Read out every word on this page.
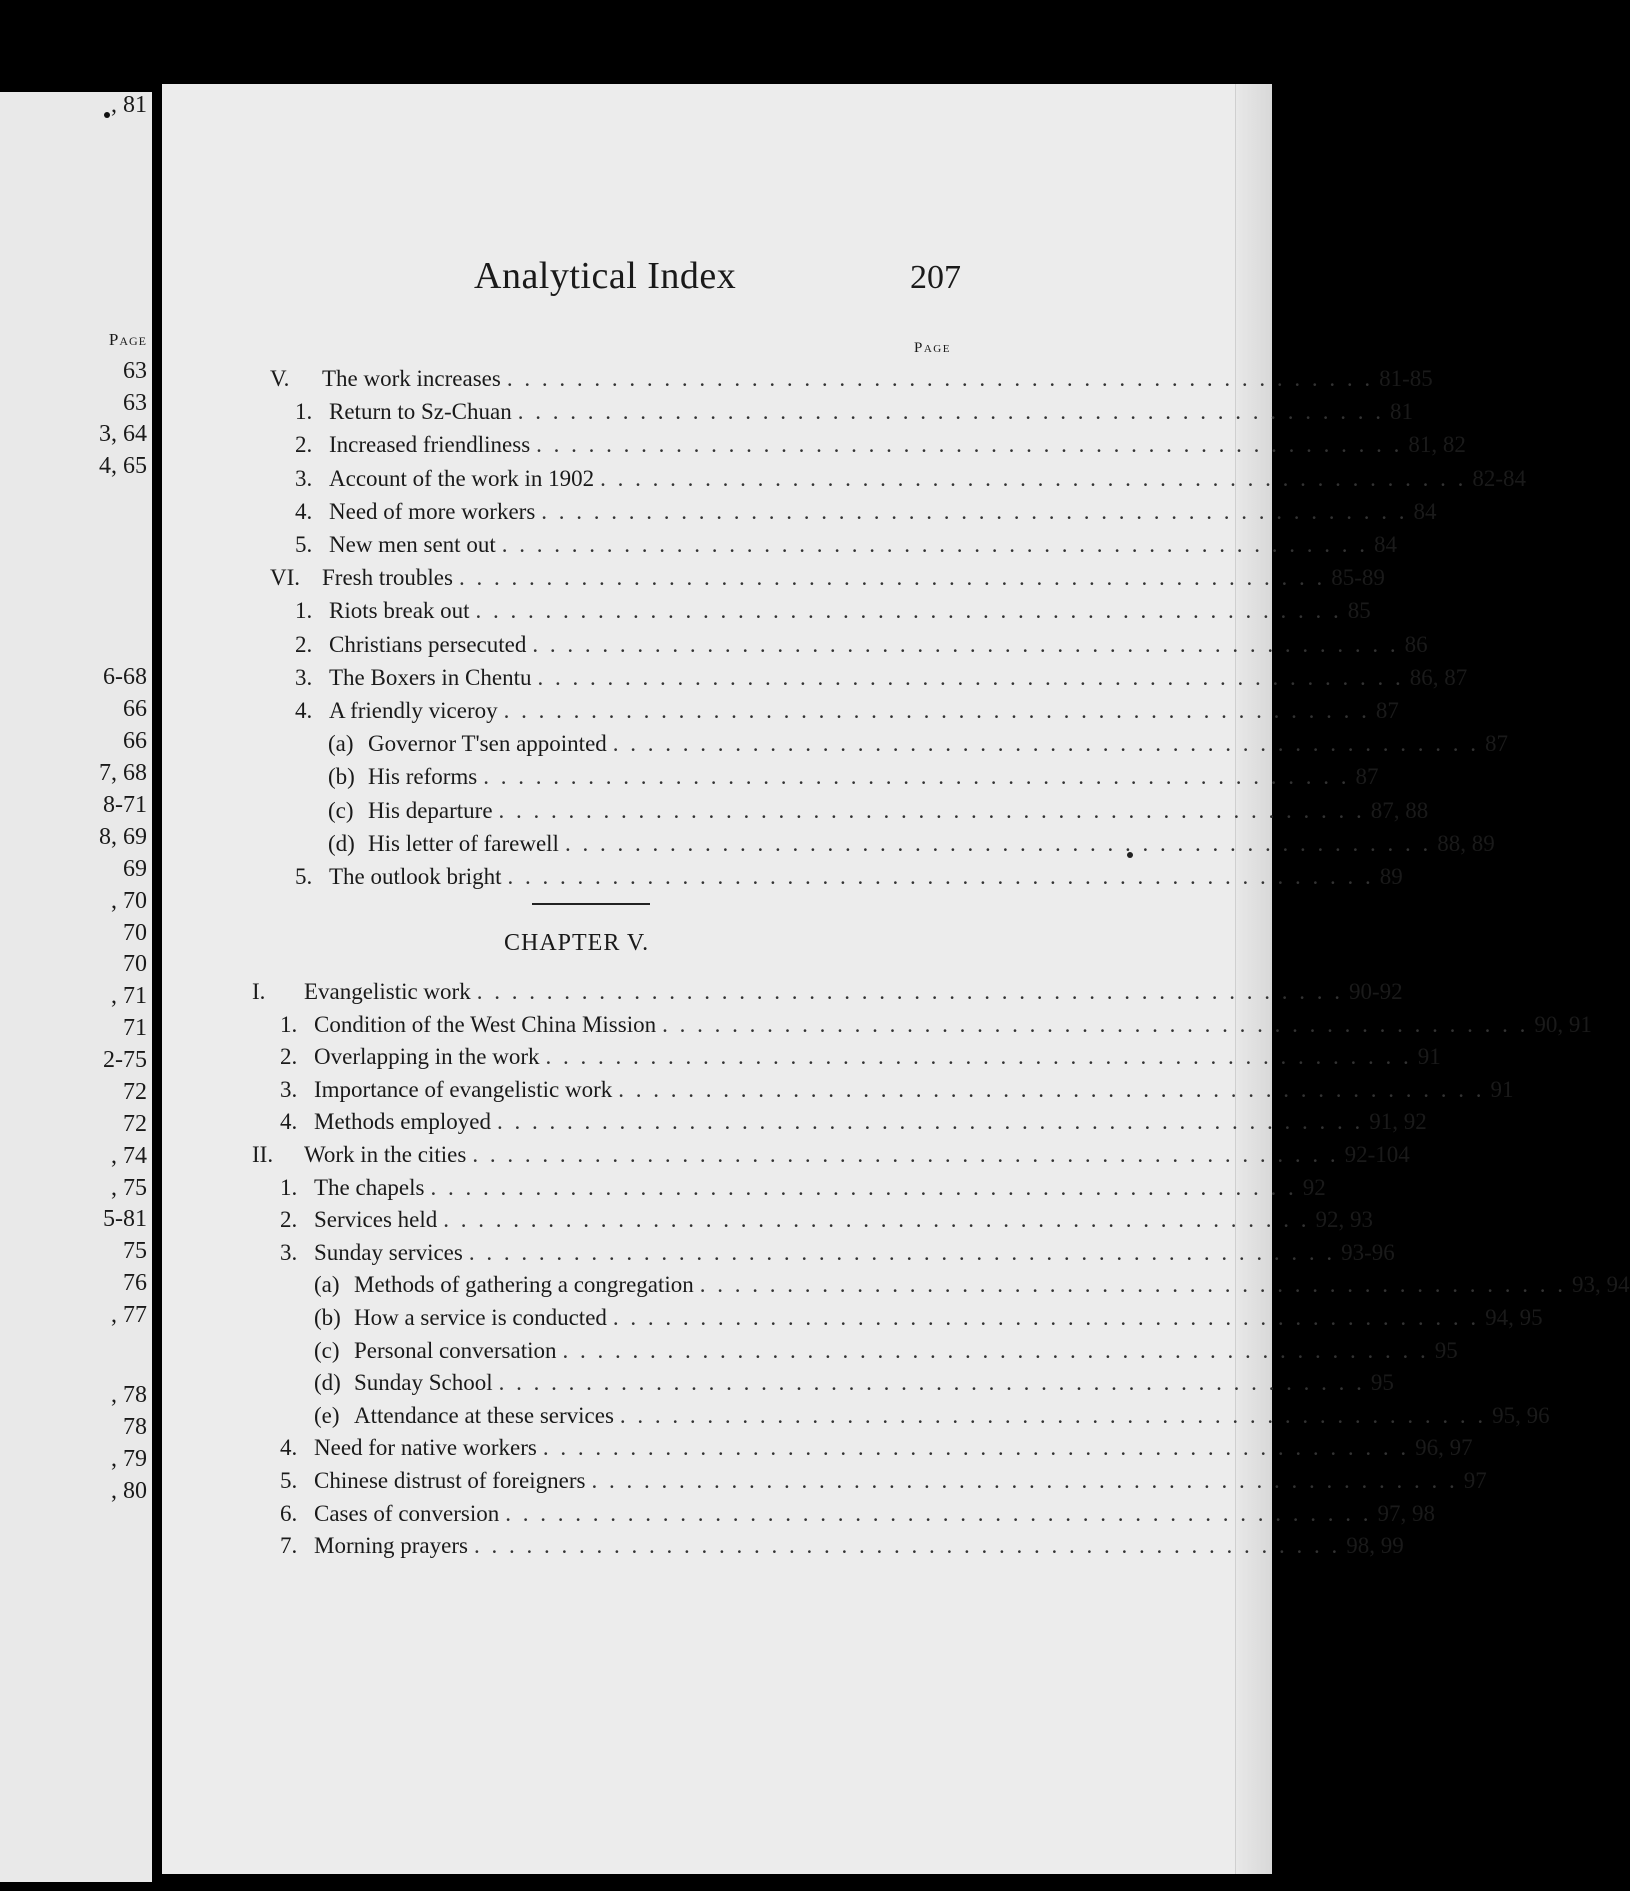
Page
63
63
3, 64
4, 65
6-68
66
66
7, 68
8-71
8, 69
69
, 70
70
70
, 71
71
2-75
72
72
, 74
, 75
5-81
75
76
, 77
, 78
78
, 79
, 80
, 81
Analytical Index	207
Page
V.	The work increases . . . . . . . . . . . . . . . . . . . . . . . . . . . . . . . . . . . . . . . . . . . . . . . . . . 81-85
1. Return to Sz-Chuan . . . . . . . . . . . . . . . . . . . . . . . . . . . . . . . . . . . . . . . . . . . . . . . . . . 81
2. Increased friendliness . . . . . . . . . . . . . . . . . . . . . . . . . . . . . . . . . . . . . . . . . . . . . . . . . . 81, 82
3. Account of the work in 1902 . . . . . . . . . . . . . . . . . . . . . . . . . . . . . . . . . . . . . . . . . . . . . . . . . . 82-84
4. Need of more workers . . . . . . . . . . . . . . . . . . . . . . . . . . . . . . . . . . . . . . . . . . . . . . . . . . 84
5. New men sent out . . . . . . . . . . . . . . . . . . . . . . . . . . . . . . . . . . . . . . . . . . . . . . . . . . 84
VI. Fresh troubles . . . . . . . . . . . . . . . . . . . . . . . . . . . . . . . . . . . . . . . . . . . . . . . . . . 85-89
1. Riots break out . . . . . . . . . . . . . . . . . . . . . . . . . . . . . . . . . . . . . . . . . . . . . . . . . . 85
2. Christians persecuted . . . . . . . . . . . . . . . . . . . . . . . . . . . . . . . . . . . . . . . . . . . . . . . . . . 86
3. The Boxers in Chentu . . . . . . . . . . . . . . . . . . . . . . . . . . . . . . . . . . . . . . . . . . . . . . . . . . 86, 87
4. A friendly viceroy . . . . . . . . . . . . . . . . . . . . . . . . . . . . . . . . . . . . . . . . . . . . . . . . . . 87
(a) Governor T'sen appointed . . . . . . . . . . . . . . . . . . . . . . . . . . . . . . . . . . . . . . . . . . . . . . . . . . 87
(b) His reforms . . . . . . . . . . . . . . . . . . . . . . . . . . . . . . . . . . . . . . . . . . . . . . . . . . 87
(c) His departure . . . . . . . . . . . . . . . . . . . . . . . . . . . . . . . . . . . . . . . . . . . . . . . . . . 87, 88
(d) His letter of farewell . . . . . . . . . . . . . . . . . . . . . . . . . . . . . . . . . . . . . . . . . . . . . . . . . . 88, 89
5. The outlook bright . . . . . . . . . . . . . . . . . . . . . . . . . . . . . . . . . . . . . . . . . . . . . . . . . . 89
CHAPTER V.
I.	Evangelistic work . . . . . . . . . . . . . . . . . . . . . . . . . . . . . . . . . . . . . . . . . . . . . . . . . . 90-92
1. Condition of the West China Mission . . . . . . . . . . . . . . . . . . . . . . . . . . . . . . . . . . . . . . . . . . . . . . . . . . 90, 91
2. Overlapping in the work . . . . . . . . . . . . . . . . . . . . . . . . . . . . . . . . . . . . . . . . . . . . . . . . . . 91
3. Importance of evangelistic work . . . . . . . . . . . . . . . . . . . . . . . . . . . . . . . . . . . . . . . . . . . . . . . . . . 91
4. Methods employed . . . . . . . . . . . . . . . . . . . . . . . . . . . . . . . . . . . . . . . . . . . . . . . . . . 91, 92
II.	Work in the cities . . . . . . . . . . . . . . . . . . . . . . . . . . . . . . . . . . . . . . . . . . . . . . . . . . 92-104
1. The chapels . . . . . . . . . . . . . . . . . . . . . . . . . . . . . . . . . . . . . . . . . . . . . . . . . . 92
2. Services held . . . . . . . . . . . . . . . . . . . . . . . . . . . . . . . . . . . . . . . . . . . . . . . . . . 92, 93
3. Sunday services . . . . . . . . . . . . . . . . . . . . . . . . . . . . . . . . . . . . . . . . . . . . . . . . . . 93-96
(a) Methods of gathering a congregation . . . . . . . . . . . . . . . . . . . . . . . . . . . . . . . . . . . . . . . . . . . . . . . . . . 93, 94
(b) How a service is conducted . . . . . . . . . . . . . . . . . . . . . . . . . . . . . . . . . . . . . . . . . . . . . . . . . . 94, 95
(c) Personal conversation . . . . . . . . . . . . . . . . . . . . . . . . . . . . . . . . . . . . . . . . . . . . . . . . . . 95
(d) Sunday School . . . . . . . . . . . . . . . . . . . . . . . . . . . . . . . . . . . . . . . . . . . . . . . . . . 95
(e) Attendance at these services . . . . . . . . . . . . . . . . . . . . . . . . . . . . . . . . . . . . . . . . . . . . . . . . . . 95, 96
4. Need for native workers . . . . . . . . . . . . . . . . . . . . . . . . . . . . . . . . . . . . . . . . . . . . . . . . . . 96, 97
5. Chinese distrust of foreigners . . . . . . . . . . . . . . . . . . . . . . . . . . . . . . . . . . . . . . . . . . . . . . . . . . 97
6. Cases of conversion . . . . . . . . . . . . . . . . . . . . . . . . . . . . . . . . . . . . . . . . . . . . . . . . . . 97, 98
7. Morning prayers . . . . . . . . . . . . . . . . . . . . . . . . . . . . . . . . . . . . . . . . . . . . . . . . . . 98, 99
